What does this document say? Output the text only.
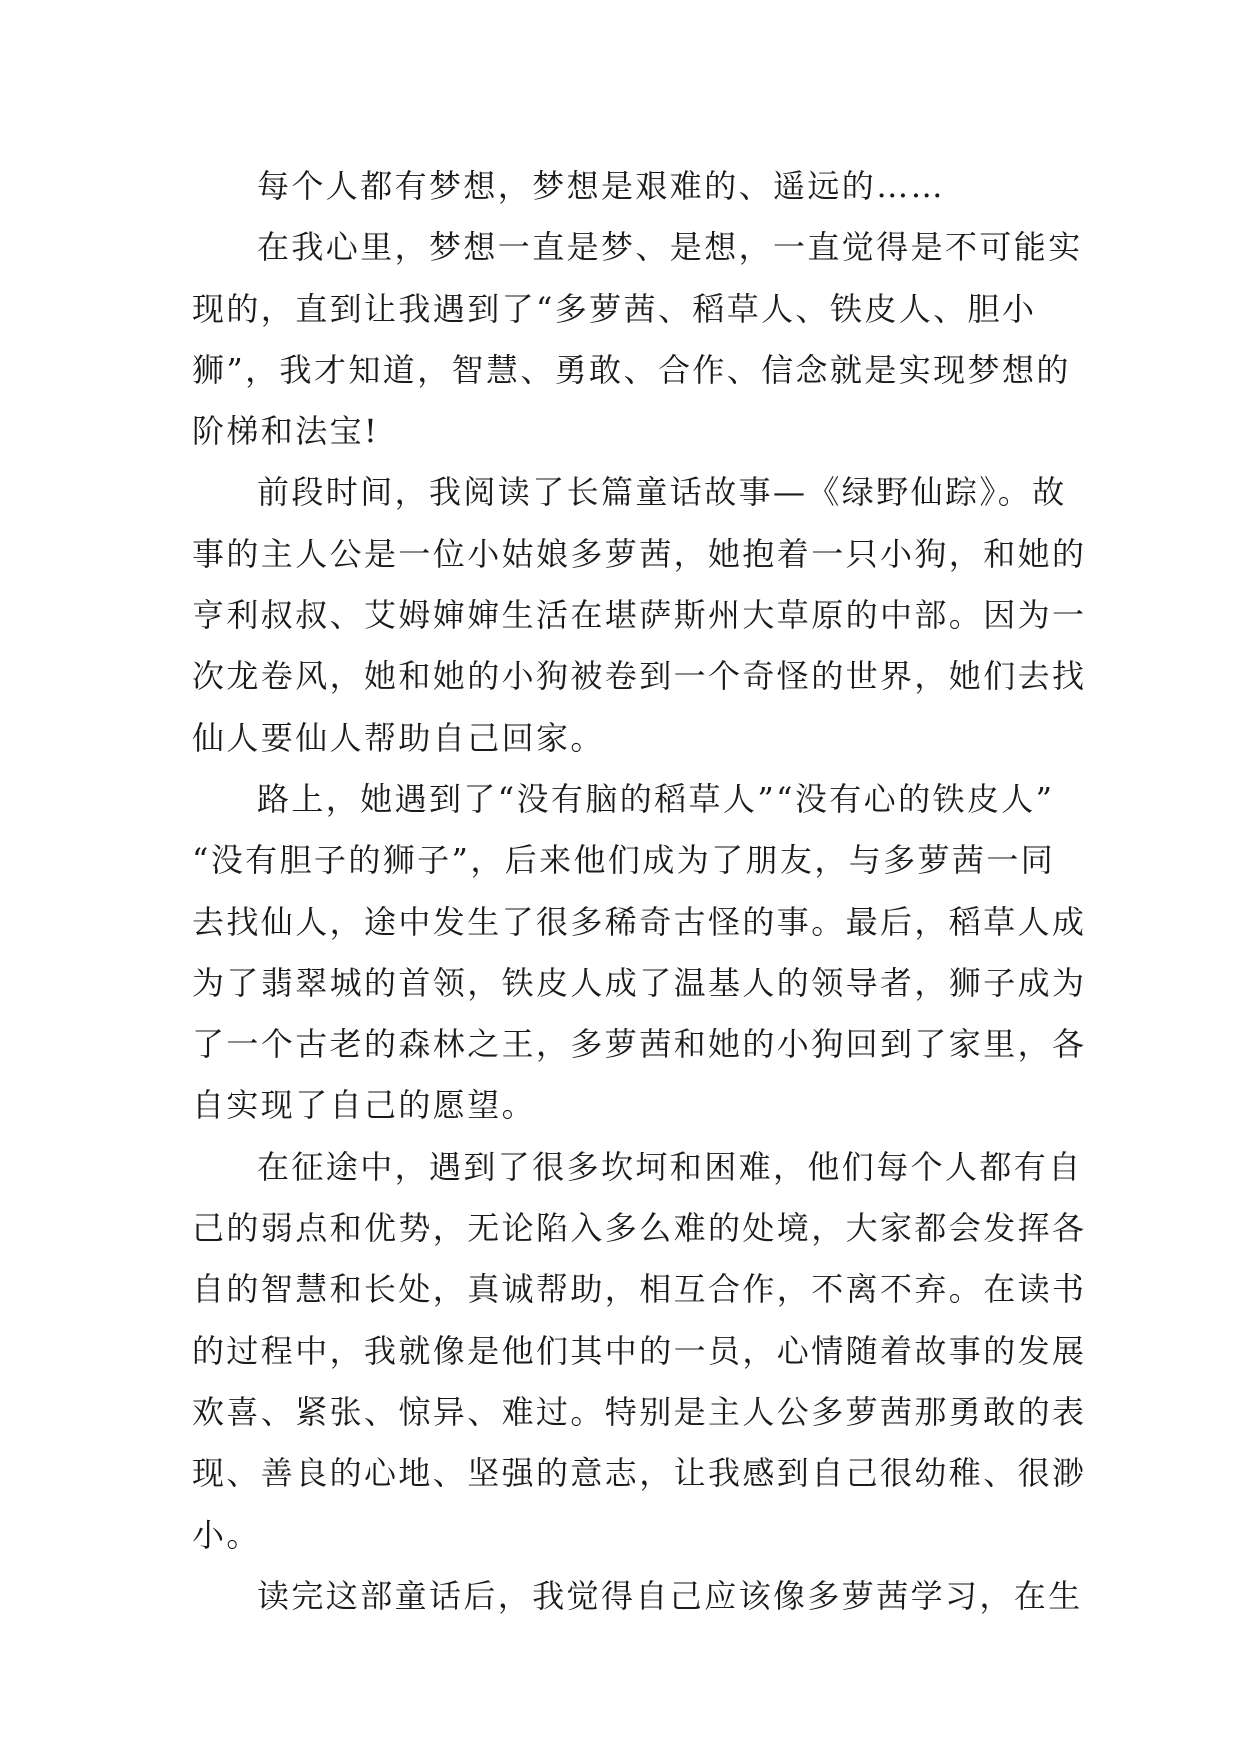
每个人都有梦想，梦想是艰难的、遥远的……
在我心里，梦想一直是梦、是想，一直觉得是不可能实
现的，直到让我遇到了“多萝茜、稻草人、铁皮人、胆小
狮”，我才知道，智慧、勇敢、合作、信念就是实现梦想的
阶梯和法宝!
前段时间，我阅读了长篇童话故事—《绿野仙踪》。故
事的主人公是一位小姑娘多萝茜，她抱着一只小狗，和她的
亨利叔叔、艾姆婶婶生活在堪萨斯州大草原的中部。因为一
次龙卷风，她和她的小狗被卷到一个奇怪的世界，她们去找
仙人要仙人帮助自己回家。
路上，她遇到了“没有脑的稻草人”“没有心的铁皮人”
“没有胆子的狮子”，后来他们成为了朋友，与多萝茜一同
去找仙人，途中发生了很多稀奇古怪的事。最后，稻草人成
为了翡翠城的首领，铁皮人成了温基人的领导者，狮子成为
了一个古老的森林之王，多萝茜和她的小狗回到了家里，各
自实现了自己的愿望。
在征途中，遇到了很多坎坷和困难，他们每个人都有自
己的弱点和优势，无论陷入多么难的处境，大家都会发挥各
自的智慧和长处，真诚帮助，相互合作，不离不弃。在读书
的过程中，我就像是他们其中的一员，心情随着故事的发展
欢喜、紧张、惊异、难过。特别是主人公多萝茜那勇敢的表
现、善良的心地、坚强的意志，让我感到自己很幼稚、很渺
小。
读完这部童话后，我觉得自己应该像多萝茜学习，在生
